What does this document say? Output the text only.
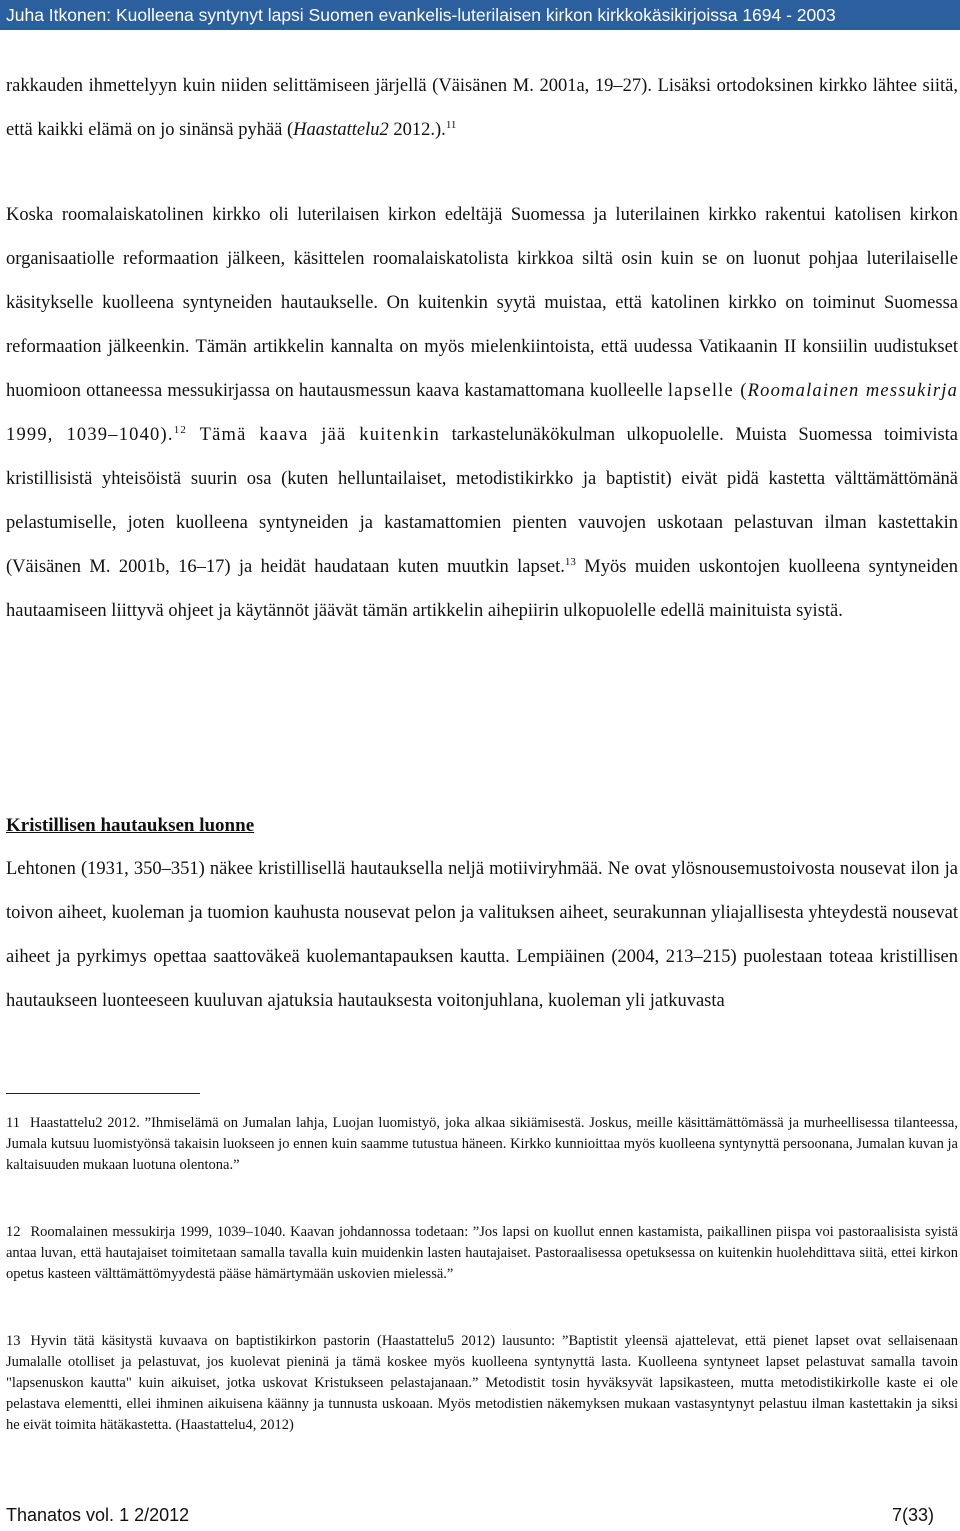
Juha Itkonen: Kuolleena syntynyt lapsi Suomen evankelis-luterilaisen kirkon kirkkokäsikirjoissa 1694 - 2003

rakkauden ihmettelyyn kuin niiden selittämiseen järjellä (Väisänen M. 2001a, 19–27). Lisäksi ortodoksinen kirkko lähtee siitä, että kaikki elämä on jo sinänsä pyhää (Haastattelu2 2012.).$^{11}$

Koska roomalaiskatolinen kirkko oli luterilaisen kirkon edeltäjä Suomessa ja luterilainen kirkko rakentui katolisen kirkon organisaatiolle reformaation jälkeen, käsittelen roomalaiskatolista kirkkoa siltä osin kuin se on luonut pohjaa luterilaiselle käsitykselle kuolleena syntyneiden hautaukselle. On kuitenkin syytä muistaa, että katolinen kirkko on toiminut Suomessa reformaation jälkeenkin. Tämän artikkelin kannalta on myös mielenkiintoista, että uudessa Vatikaanin II konsiilin uudistukset huomioon ottaneessa messukirjassa on hautausmessun kaava kastamattomana kuolleelle lapselle (Roomalainen messukirja 1999, 1039–1040).$^{12}$ Tämä kaava jää kuitenkin tarkastelunäkökulman ulkopuolelle. Muista Suomessa toimivista kristillisistä yhteisöistä suurin osa (kuten helluntailaiset, metodistikirkko ja baptistit) eivät pidä kastetta välttämättömänä pelastumiselle, joten kuolleena syntyneiden ja kastamattomien pienten vauvojen uskotaan pelastuvan ilman kastettakin (Väisänen M. 2001b, 16–17) ja heidät haudataan kuten muutkin lapset.$^{13}$ Myös muiden uskontojen kuolleena syntyneiden hautaamiseen liittyvä ohjeet ja käytännöt jäävät tämän artikkelin aihepiirin ulkopuolelle edellä mainituista syistä.

Kristillisen hautauksen luonne

Lehtonen (1931, 350–351) näkee kristillisellä hautauksella neljä motiiviryhmää. Ne ovat ylösnousemustoivosta nousevat ilon ja toivon aiheet, kuoleman ja tuomion kauhusta nousevat pelon ja valituksen aiheet, seurakunnan yliajallisesta yhteydestä nousevat aiheet ja pyrkimys opettaa saattoväkeä kuolemantapauksen kautta. Lempiäinen (2004, 213–215) puolestaan toteaa kristillisen hautaukseen luonteeseen kuuluvan ajatuksia hautauksesta voitonjuhlana, kuoleman yli jatkuvasta

11 Haastattelu2 2012. ”Ihmiselämä on Jumalan lahja, Luojan luomistyö, joka alkaa sikiämisestä. Joskus, meille käsittämättömässä ja murheellisessa tilanteessa, Jumala kutsuu luomistyönsä takaisin luokseen jo ennen kuin saamme tutustua häneen. Kirkko kunnioittaa myös kuolleena syntynyttä persoonana, Jumalan kuvan ja kaltaisuuden mukaan luotuna olentona.”

12 Roomalainen messukirja 1999, 1039–1040. Kaavan johdannossa todetaan: ”Jos lapsi on kuollut ennen kastamista, paikallinen piispa voi pastoraalisista syistä antaa luvan, että hautajaiset toimitetaan samalla tavalla kuin muidenkin lasten hautajaiset. Pastoraalisessa opetuksessa on kuitenkin huolehdittava siitä, ettei kirkon opetus kasteen välttämättömyydestä pääse hämärtymään uskovien mielessä.”

13 Hyvin tätä käsitystä kuvaava on baptistikirkon pastorin (Haastattelu5 2012) lausunto: ”Baptistit yleensä ajattelevat, että pienet lapset ovat sellaisenaan Jumalalle otolliset ja pelastuvat, jos kuolevat pieninä ja tämä koskee myös kuolleena syntynyttä lasta. Kuolleena syntyneet lapset pelastuvat samalla tavoin "lapsenuskon kautta" kuin aikuiset, jotka uskovat Kristukseen pelastajanaan.” Metodistit tosin hyväksyvät lapsikasteen, mutta metodistikirkolle kaste ei ole pelastava elementti, ellei ihminen aikuisena käänny ja tunnusta uskoaan. Myös metodistien näkemyksen mukaan vastasyntynyt pelastuu ilman kastettakin ja siksi he eivät toimita hätäkastetta. (Haastattelu4, 2012)

Thanatos vol. 1 2/2012	7(33)
